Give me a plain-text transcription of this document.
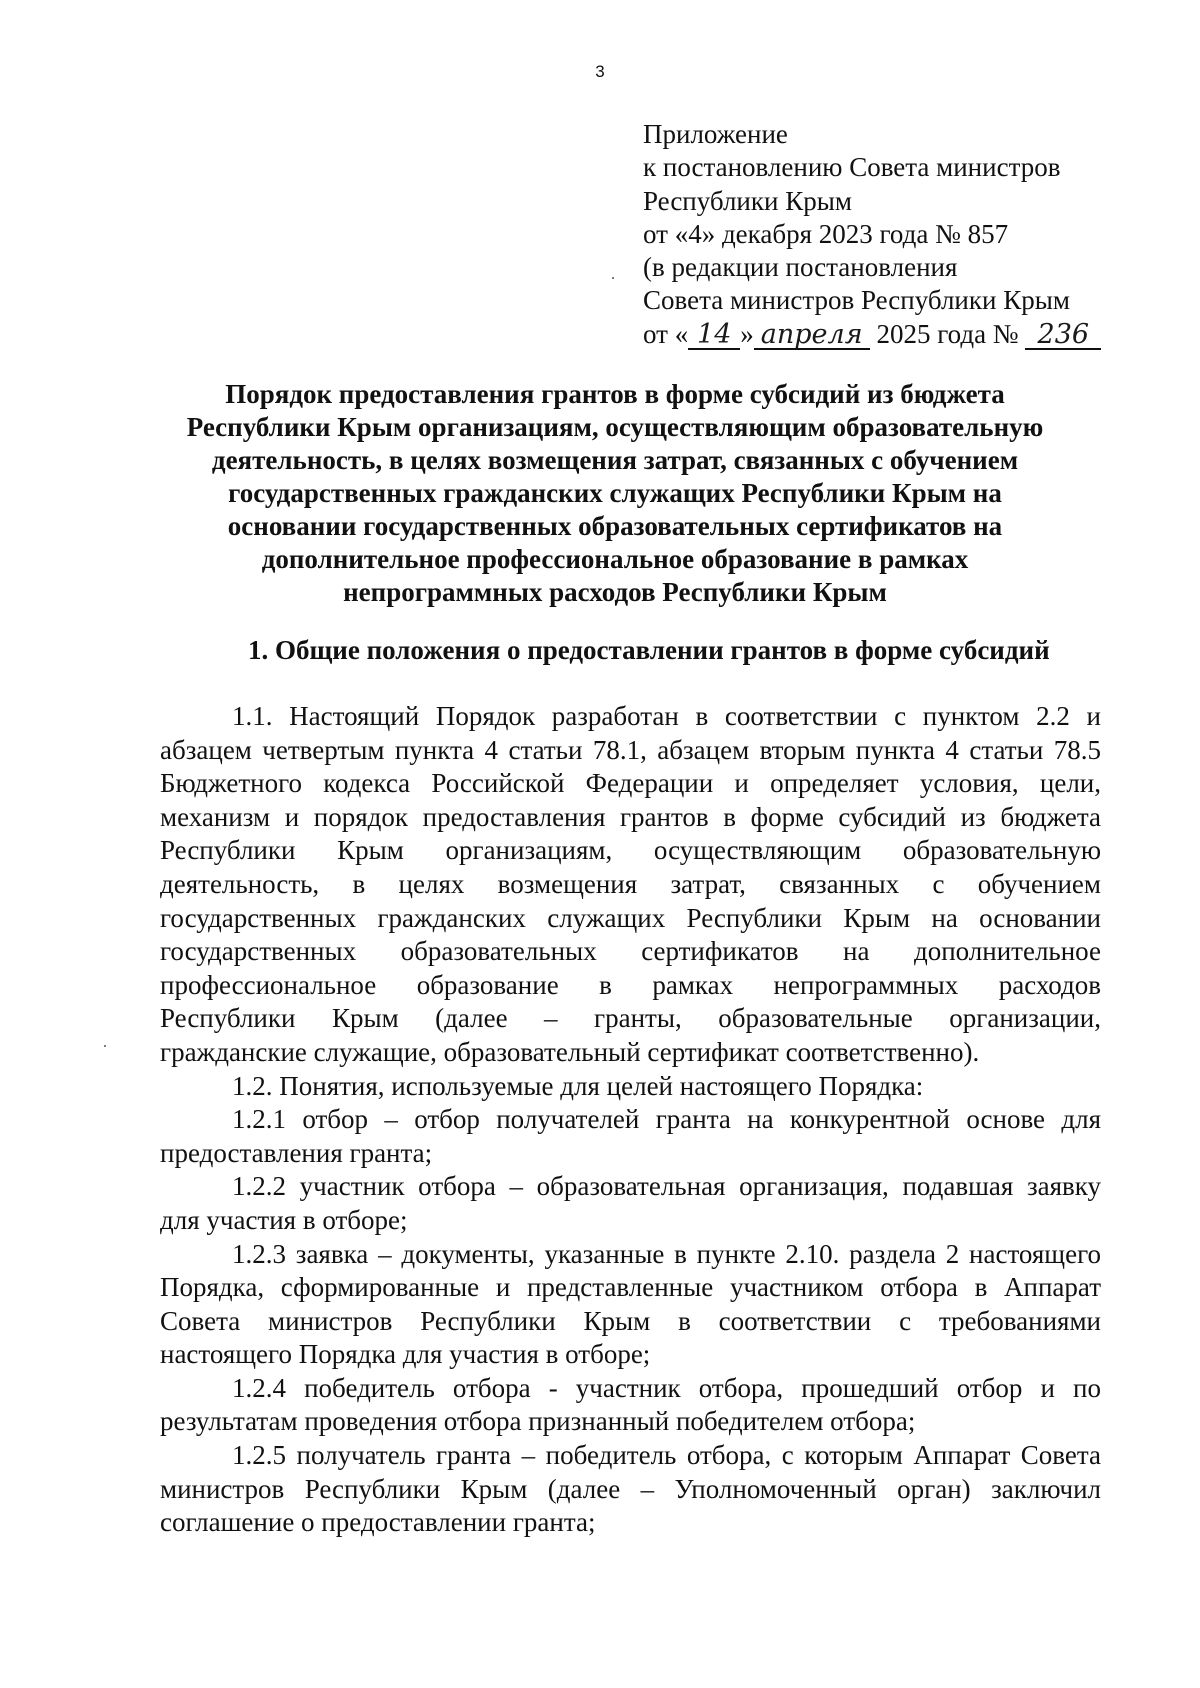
3
Приложение
к постановлению Совета министров
Республики Крым
от «4» декабря 2023 года № 857
(в редакции постановления
Совета министров Республики Крым
от « 14 » апреля 2025 года № 236
Порядок предоставления грантов в форме субсидий из бюджета
Республики Крым организациям, осуществляющим образовательную
деятельность, в целях возмещения затрат, связанных с обучением
государственных гражданских служащих Республики Крым на
основании государственных образовательных сертификатов на
дополнительное профессиональное образование в рамках
непрограммных расходов Республики Крым
1. Общие положения о предоставлении грантов в форме субсидий
1.1. Настоящий Порядок разработан в соответствии с пунктом 2.2 и
абзацем четвертым пункта 4 статьи 78.1, абзацем вторым пункта 4 статьи 78.5
Бюджетного кодекса Российской Федерации и определяет условия, цели,
механизм и порядок предоставления грантов в форме субсидий из бюджета
Республики Крым организациям, осуществляющим образовательную
деятельность, в целях возмещения затрат, связанных с обучением
государственных гражданских служащих Республики Крым на основании
государственных образовательных сертификатов на дополнительное
профессиональное образование в рамках непрограммных расходов
Республики Крым (далее – гранты, образовательные организации,
гражданские служащие, образовательный сертификат соответственно).
1.2. Понятия, используемые для целей настоящего Порядка:
1.2.1 отбор – отбор получателей гранта на конкурентной основе для
предоставления гранта;
1.2.2 участник отбора – образовательная организация, подавшая заявку
для участия в отборе;
1.2.3 заявка – документы, указанные в пункте 2.10. раздела 2 настоящего
Порядка, сформированные и представленные участником отбора в Аппарат
Совета министров Республики Крым в соответствии с требованиями
настоящего Порядка для участия в отборе;
1.2.4 победитель отбора - участник отбора, прошедший отбор и по
результатам проведения отбора признанный победителем отбора;
1.2.5 получатель гранта – победитель отбора, с которым Аппарат Совета
министров Республики Крым (далее – Уполномоченный орган) заключил
соглашение о предоставлении гранта;
